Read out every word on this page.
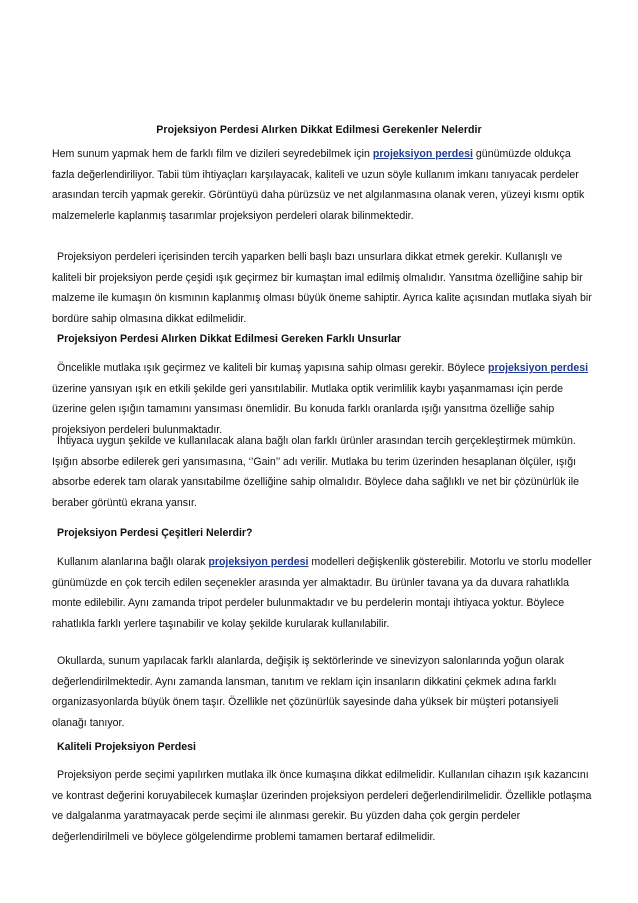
Projeksiyon Perdesi Alırken Dikkat Edilmesi Gerekenler Nelerdir

Hem sunum yapmak hem de farklı film ve dizileri seyredebilmek için projeksiyon perdesi günümüzde oldukça fazla değerlendiriliyor. Tabii tüm ihtiyaçları karşılayacak, kaliteli ve uzun söyle kullanım imkanı tanıyacak perdeler arasından tercih yapmak gerekir. Görüntüyü daha pürüzsüz ve net algılanmasına olanak veren, yüzeyi kısmı optik malzemelerle kaplanmış tasarımlar projeksiyon perdeleri olarak bilinmektedir.

Projeksiyon perdeleri içerisinden tercih yaparken belli başlı bazı unsurlara dikkat etmek gerekir. Kullanışlı ve kaliteli bir projeksiyon perde çeşidi ışık geçirmez bir kumaştan imal edilmiş olmalıdır. Yansıtma özelliğine sahip bir malzeme ile kumaşın ön kısmının kaplanmış olması büyük öneme sahiptir. Ayrıca kalite açısından mutlaka siyah bir bordüre sahip olmasına dikkat edilmelidir.

Projeksiyon Perdesi Alırken Dikkat Edilmesi Gereken Farklı Unsurlar

Öncelikle mutlaka ışık geçirmez ve kaliteli bir kumaş yapısına sahip olması gerekir. Böylece projeksiyon perdesi üzerine yansıyan ışık en etkili şekilde geri yansıtılabilir. Mutlaka optik verimlilik kaybı yaşanmaması için perde üzerine gelen ışığın tamamını yansıması önemlidir. Bu konuda farklı oranlarda ışığı yansıtma özelliğe sahip projeksiyon perdeleri bulunmaktadır.

İhtiyaca uygun şekilde ve kullanılacak alana bağlı olan farklı ürünler arasından tercih gerçekleştirmek mümkün. Işığın absorbe edilerek geri yansımasına, ‘’Gain’’ adı verilir. Mutlaka bu terim üzerinden hesaplanan ölçüler, ışığı absorbe ederek tam olarak yansıtabilme özelliğine sahip olmalıdır. Böylece daha sağlıklı ve net bir çözünürlük ile beraber görüntü ekrana yansır.

Projeksiyon Perdesi Çeşitleri Nelerdir?

Kullanım alanlarına bağlı olarak projeksiyon perdesi modelleri değişkenlik gösterebilir. Motorlu ve storlu modeller günümüzde en çok tercih edilen seçenekler arasında yer almaktadır. Bu ürünler tavana ya da duvara rahatlıkla monte edilebilir. Aynı zamanda tripot perdeler bulunmaktadır ve bu perdelerin montajı ihtiyaca yoktur. Böylece rahatlıkla farklı yerlere taşınabilir ve kolay şekilde kurularak kullanılabilir.

Okullarda, sunum yapılacak farklı alanlarda, değişik iş sektörlerinde ve sinevizyon salonlarında yoğun olarak değerlendirilmektedir. Aynı zamanda lansman, tanıtım ve reklam için insanların dikkatini çekmek adına farklı organizasyonlarda büyük önem taşır. Özellikle net çözünürlük sayesinde daha yüksek bir müşteri potansiyeli olanağı tanıyor.

Kaliteli Projeksiyon Perdesi

Projeksiyon perde seçimi yapılırken mutlaka ilk önce kumaşına dikkat edilmelidir. Kullanılan cihazın ışık kazancını ve kontrast değerini koruyabilecek kumaşlar üzerinden projeksiyon perdeleri değerlendirilmelidir. Özellikle potlaşma ve dalgalanma yaratmayacak perde seçimi ile alınması gerekir. Bu yüzden daha çok gergin perdeler değerlendirilmeli ve böylece gölgelendirme problemi tamamen bertaraf edilmelidir.
